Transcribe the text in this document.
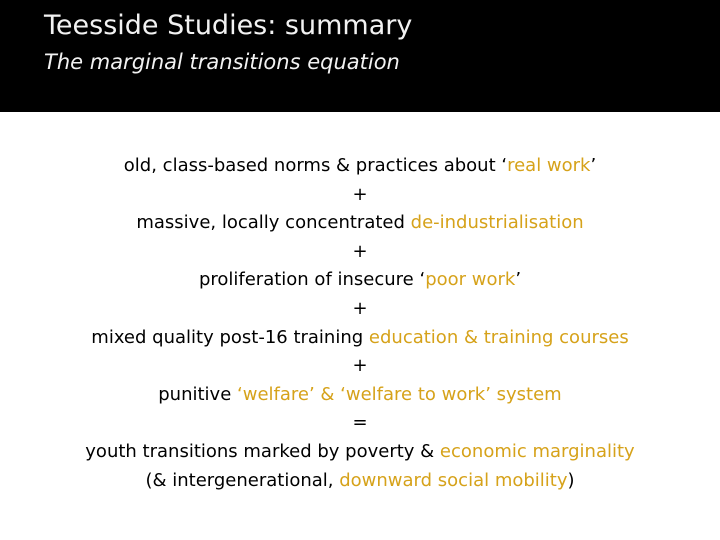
Teesside Studies: summary
The marginal transitions equation
old, class-based norms & practices about ‘real work’
+
massive, locally concentrated de-industrialisation
+
proliferation of insecure ‘poor work’
+
mixed quality post-16 training education & training courses
+
punitive ‘welfare’ & ‘welfare to work’ system
=
youth transitions marked by poverty & economic marginality
(& intergenerational, downward social mobility)
